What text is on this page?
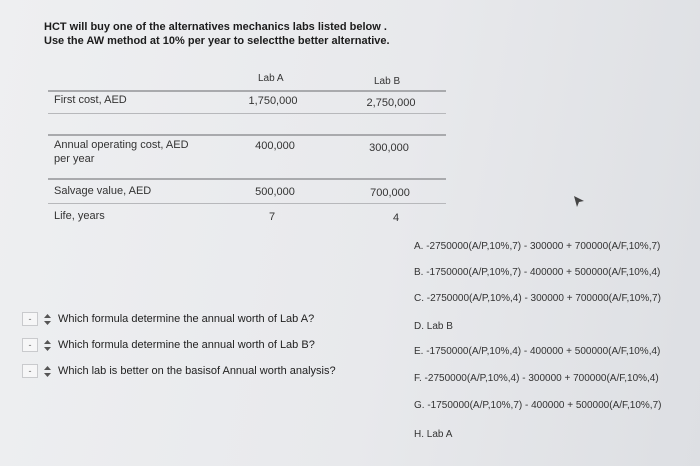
HCT will buy one of the alternatives mechanics labs listed below .
Use the AW method at 10% per year to selectthe better alternative.
Lab A	Lab B
First cost, AED	1,750,000	2,750,000
Annual operating cost, AED
per year
400,000	300,000
Salvage value, AED	500,000	700,000
Life, years	7	4
-	Which formula determine the annual worth of Lab A?
-	Which formula determine the annual worth of Lab B?
-	Which lab is better on the basisof Annual worth analysis?
A. -2750000(A/P,10%,7) - 300000 + 700000(A/F,10%,7)
B. -1750000(A/P,10%,7) - 400000 + 500000(A/F,10%,4)
C. -2750000(A/P,10%,4) - 300000 + 700000(A/F,10%,7)
D. Lab B
E. -1750000(A/P,10%,4) - 400000 + 500000(A/F,10%,4)
F. -2750000(A/P,10%,4) - 300000 + 700000(A/F,10%,4)
G. -1750000(A/P,10%,7) - 400000 + 500000(A/F,10%,7)
H. Lab A
